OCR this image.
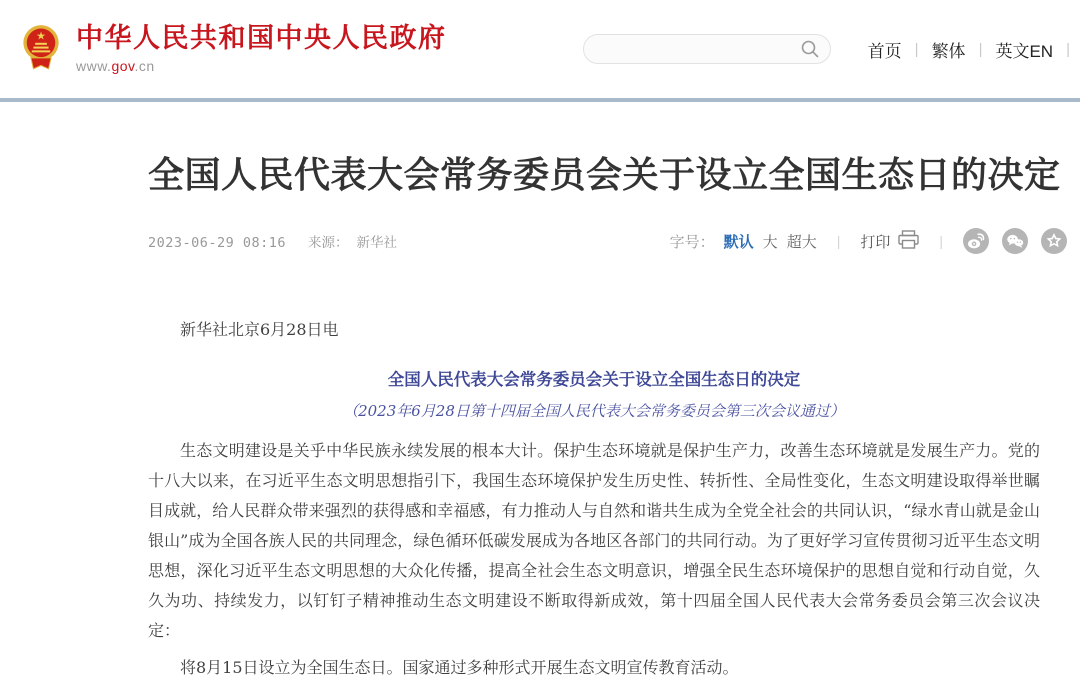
★ 中华人民共和国中央人民政府
www.gov.cn
首页 | 繁体 | 英文EN |
全国人民代表大会常务委员会关于设立全国生态日的决定
2023-06-29 08:16 来源： 新华社	字号： 默认 大 超大	|	打印	|

新华社北京6月28日电

全国人民代表大会常务委员会关于设立全国生态日的决定

（2023年6月28日第十四届全国人民代表大会常务委员会第三次会议通过）

生态文明建设是关乎中华民族永续发展的根本大计。保护生态环境就是保护生产力，改善生态环境就是发展生产力。党的十八大以来，在习近平生态文明思想指引下，我国生态环境保护发生历史性、转折性、全局性变化，生态文明建设取得举世瞩目成就，给人民群众带来强烈的获得感和幸福感，有力推动人与自然和谐共生成为全党全社会的共同认识，“绿水青山就是金山银山”成为全国各族人民的共同理念，绿色循环低碳发展成为各地区各部门的共同行动。为了更好学习宣传贯彻习近平生态文明思想，深化习近平生态文明思想的大众化传播，提高全社会生态文明意识，增强全民生态环境保护的思想自觉和行动自觉，久久为功、持续发力，以钉钉子精神推动生态文明建设不断取得新成效，第十四届全国人民代表大会常务委员会第三次会议决定：

将8月15日设立为全国生态日。国家通过多种形式开展生态文明宣传教育活动。
